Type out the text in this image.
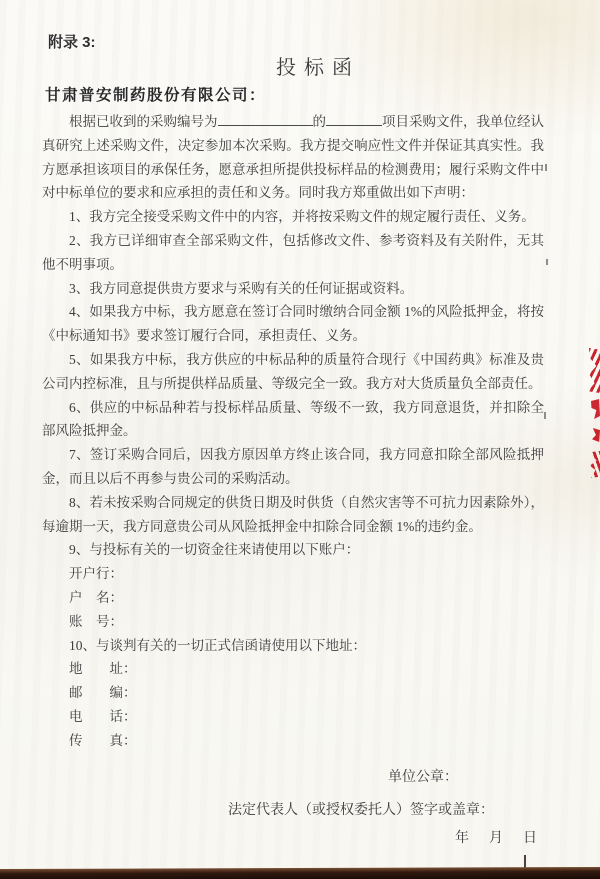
附录 3:
投标函
甘肃普安制药股份有限公司：

根据已收到的采购编号为	的	项目采购文件，我单位经认真研究上述采购文件，决定参加本次采购。我方提交响应性文件并保证其真实性。我方愿承担该项目的承保任务，愿意承担所提供投标样品的检测费用；履行采购文件中对中标单位的要求和应承担的责任和义务。同时我方郑重做出如下声明：

1、我方完全接受采购文件中的内容，并将按采购文件的规定履行责任、义务。

2、我方已详细审查全部采购文件，包括修改文件、参考资料及有关附件，无其他不明事项。

3、我方同意提供贵方要求与采购有关的任何证据或资料。

4、如果我方中标，我方愿意在签订合同时缴纳合同金额 1%的风险抵押金，将按《中标通知书》要求签订履行合同，承担责任、义务。

5、如果我方中标，我方供应的中标品种的质量符合现行《中国药典》标准及贵公司内控标准，且与所提供样品质量、等级完全一致。我方对大货质量负全部责任。

6、供应的中标品种若与投标样品质量、等级不一致，我方同意退货，并扣除全部风险抵押金。

7、签订采购合同后，因我方原因单方终止该合同，我方同意扣除全部风险抵押金，而且以后不再参与贵公司的采购活动。

8、若未按采购合同规定的供货日期及时供货（自然灾害等不可抗力因素除外），每逾期一天，我方同意贵公司从风险抵押金中扣除合同金额 1%的违约金。

9、与投标有关的一切资金往来请使用以下账户：

开户行：

户　名：

账　号：

10、与谈判有关的一切正式信函请使用以下地址：

地　　址：

邮　　编：

电　　话：

传　　真：

单位公章：
法定代表人（或授权委托人）签字或盖章：
年　月　日
